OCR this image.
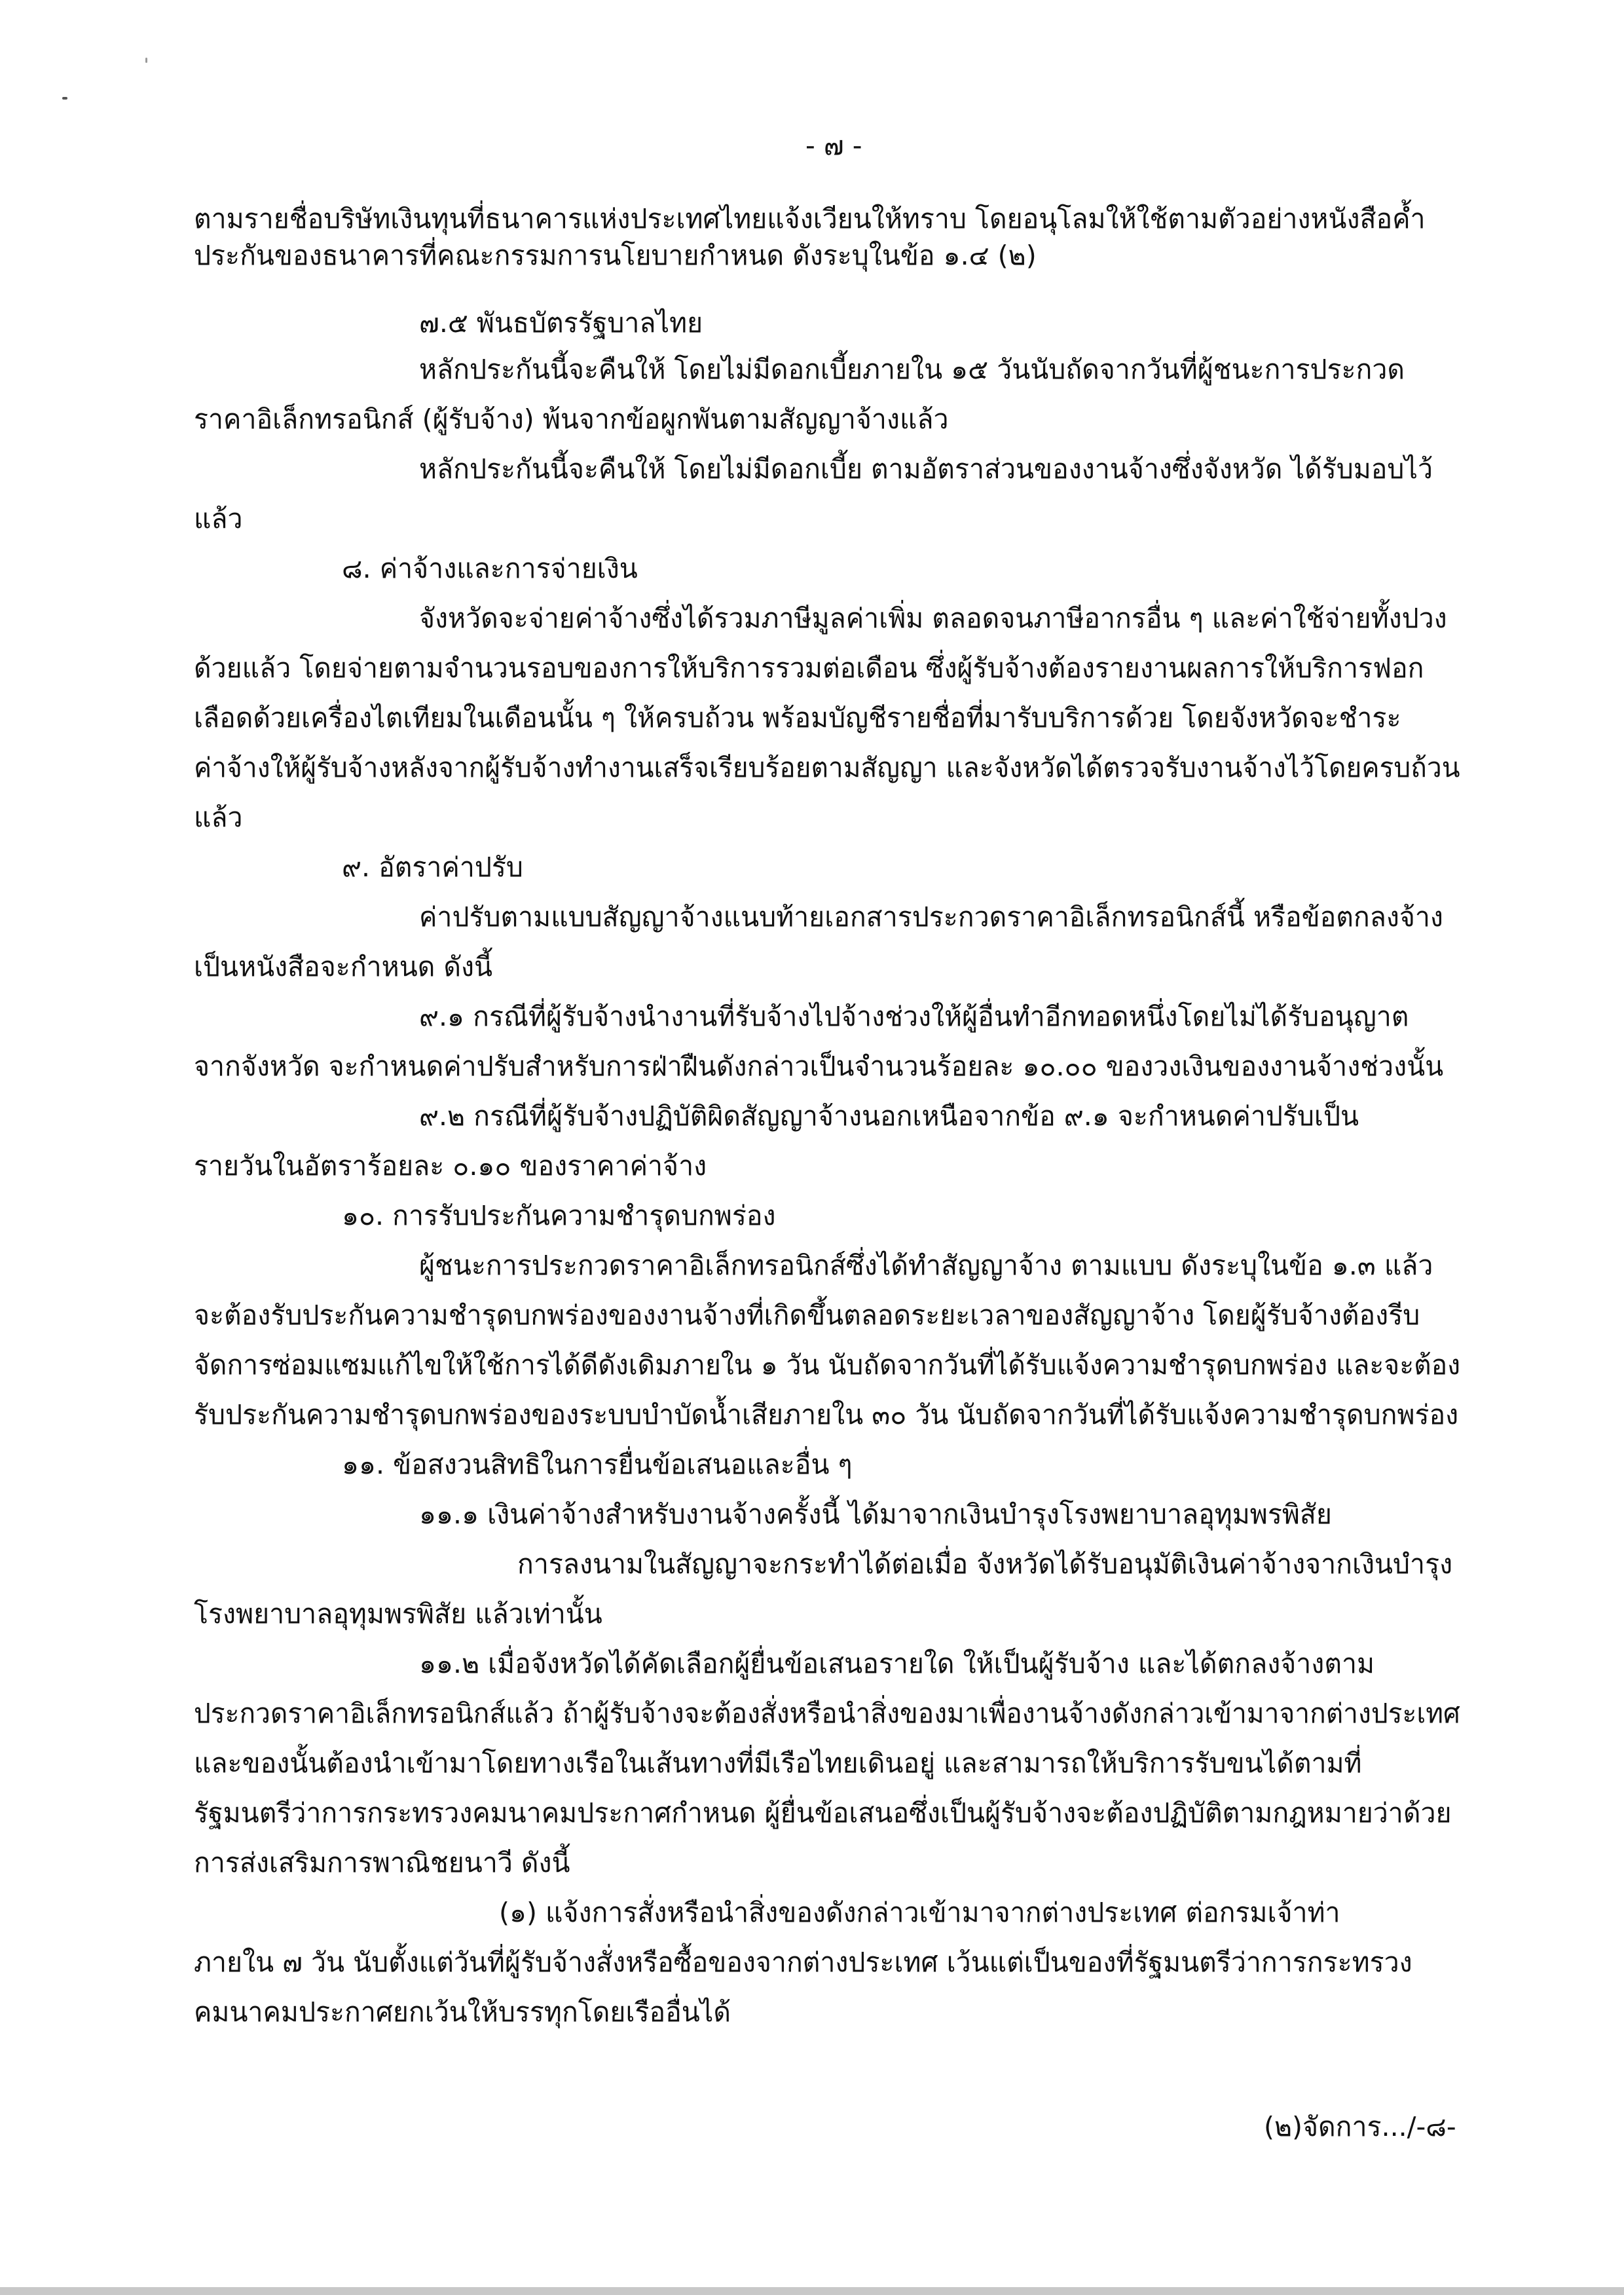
- ๗ -
ตามรายชื่อบริษัทเงินทุนที่ธนาคารแห่งประเทศไทยแจ้งเวียนให้ทราบ โดยอนุโลมให้ใช้ตามตัวอย่างหนังสือค้ำ
ประกันของธนาคารที่คณะกรรมการนโยบายกำหนด ดังระบุในข้อ ๑.๔ (๒)
๗.๕ พันธบัตรรัฐบาลไทย
หลักประกันนี้จะคืนให้ โดยไม่มีดอกเบี้ยภายใน ๑๕ วันนับถัดจากวันที่ผู้ชนะการประกวด
ราคาอิเล็กทรอนิกส์ (ผู้รับจ้าง) พ้นจากข้อผูกพันตามสัญญาจ้างแล้ว
หลักประกันนี้จะคืนให้ โดยไม่มีดอกเบี้ย ตามอัตราส่วนของงานจ้างซึ่งจังหวัด ได้รับมอบไว้
แล้ว
๘. ค่าจ้างและการจ่ายเงิน
จังหวัดจะจ่ายค่าจ้างซึ่งได้รวมภาษีมูลค่าเพิ่ม ตลอดจนภาษีอากรอื่น ๆ และค่าใช้จ่ายทั้งปวง
ด้วยแล้ว โดยจ่ายตามจำนวนรอบของการให้บริการรวมต่อเดือน ซึ่งผู้รับจ้างต้องรายงานผลการให้บริการฟอก
เลือดด้วยเครื่องไตเทียมในเดือนนั้น ๆ ให้ครบถ้วน พร้อมบัญชีรายชื่อที่มารับบริการด้วย โดยจังหวัดจะชำระ
ค่าจ้างให้ผู้รับจ้างหลังจากผู้รับจ้างทำงานเสร็จเรียบร้อยตามสัญญา และจังหวัดได้ตรวจรับงานจ้างไว้โดยครบถ้วน
แล้ว
๙. อัตราค่าปรับ
ค่าปรับตามแบบสัญญาจ้างแนบท้ายเอกสารประกวดราคาอิเล็กทรอนิกส์นี้ หรือข้อตกลงจ้าง
เป็นหนังสือจะกำหนด ดังนี้
๙.๑ กรณีที่ผู้รับจ้างนำงานที่รับจ้างไปจ้างช่วงให้ผู้อื่นทำอีกทอดหนึ่งโดยไม่ได้รับอนุญาต
จากจังหวัด จะกำหนดค่าปรับสำหรับการฝ่าฝืนดังกล่าวเป็นจำนวนร้อยละ ๑๐.๐๐ ของวงเงินของงานจ้างช่วงนั้น
๙.๒ กรณีที่ผู้รับจ้างปฏิบัติผิดสัญญาจ้างนอกเหนือจากข้อ ๙.๑ จะกำหนดค่าปรับเป็น
รายวันในอัตราร้อยละ ๐.๑๐ ของราคาค่าจ้าง
๑๐. การรับประกันความชำรุดบกพร่อง
ผู้ชนะการประกวดราคาอิเล็กทรอนิกส์ซึ่งได้ทำสัญญาจ้าง ตามแบบ ดังระบุในข้อ ๑.๓ แล้ว
จะต้องรับประกันความชำรุดบกพร่องของงานจ้างที่เกิดขึ้นตลอดระยะเวลาของสัญญาจ้าง โดยผู้รับจ้างต้องรีบ
จัดการซ่อมแซมแก้ไขให้ใช้การได้ดีดังเดิมภายใน ๑ วัน นับถัดจากวันที่ได้รับแจ้งความชำรุดบกพร่อง และจะต้อง
รับประกันความชำรุดบกพร่องของระบบบำบัดน้ำเสียภายใน ๓๐ วัน นับถัดจากวันที่ได้รับแจ้งความชำรุดบกพร่อง
๑๑. ข้อสงวนสิทธิในการยื่นข้อเสนอและอื่น ๆ
๑๑.๑ เงินค่าจ้างสำหรับงานจ้างครั้งนี้ ได้มาจากเงินบำรุงโรงพยาบาลอุทุมพรพิสัย
การลงนามในสัญญาจะกระทำได้ต่อเมื่อ จังหวัดได้รับอนุมัติเงินค่าจ้างจากเงินบำรุง
โรงพยาบาลอุทุมพรพิสัย แล้วเท่านั้น
๑๑.๒ เมื่อจังหวัดได้คัดเลือกผู้ยื่นข้อเสนอรายใด ให้เป็นผู้รับจ้าง และได้ตกลงจ้างตาม
ประกวดราคาอิเล็กทรอนิกส์แล้ว ถ้าผู้รับจ้างจะต้องสั่งหรือนำสิ่งของมาเพื่องานจ้างดังกล่าวเข้ามาจากต่างประเทศ
และของนั้นต้องนำเข้ามาโดยทางเรือในเส้นทางที่มีเรือไทยเดินอยู่ และสามารถให้บริการรับขนได้ตามที่
รัฐมนตรีว่าการกระทรวงคมนาคมประกาศกำหนด ผู้ยื่นข้อเสนอซึ่งเป็นผู้รับจ้างจะต้องปฏิบัติตามกฎหมายว่าด้วย
การส่งเสริมการพาณิชยนาวี ดังนี้
(๑) แจ้งการสั่งหรือนำสิ่งของดังกล่าวเข้ามาจากต่างประเทศ ต่อกรมเจ้าท่า
ภายใน ๗ วัน นับตั้งแต่วันที่ผู้รับจ้างสั่งหรือซื้อของจากต่างประเทศ เว้นแต่เป็นของที่รัฐมนตรีว่าการกระทรวง
คมนาคมประกาศยกเว้นให้บรรทุกโดยเรืออื่นได้
(๒)จัดการ.../-๘-
